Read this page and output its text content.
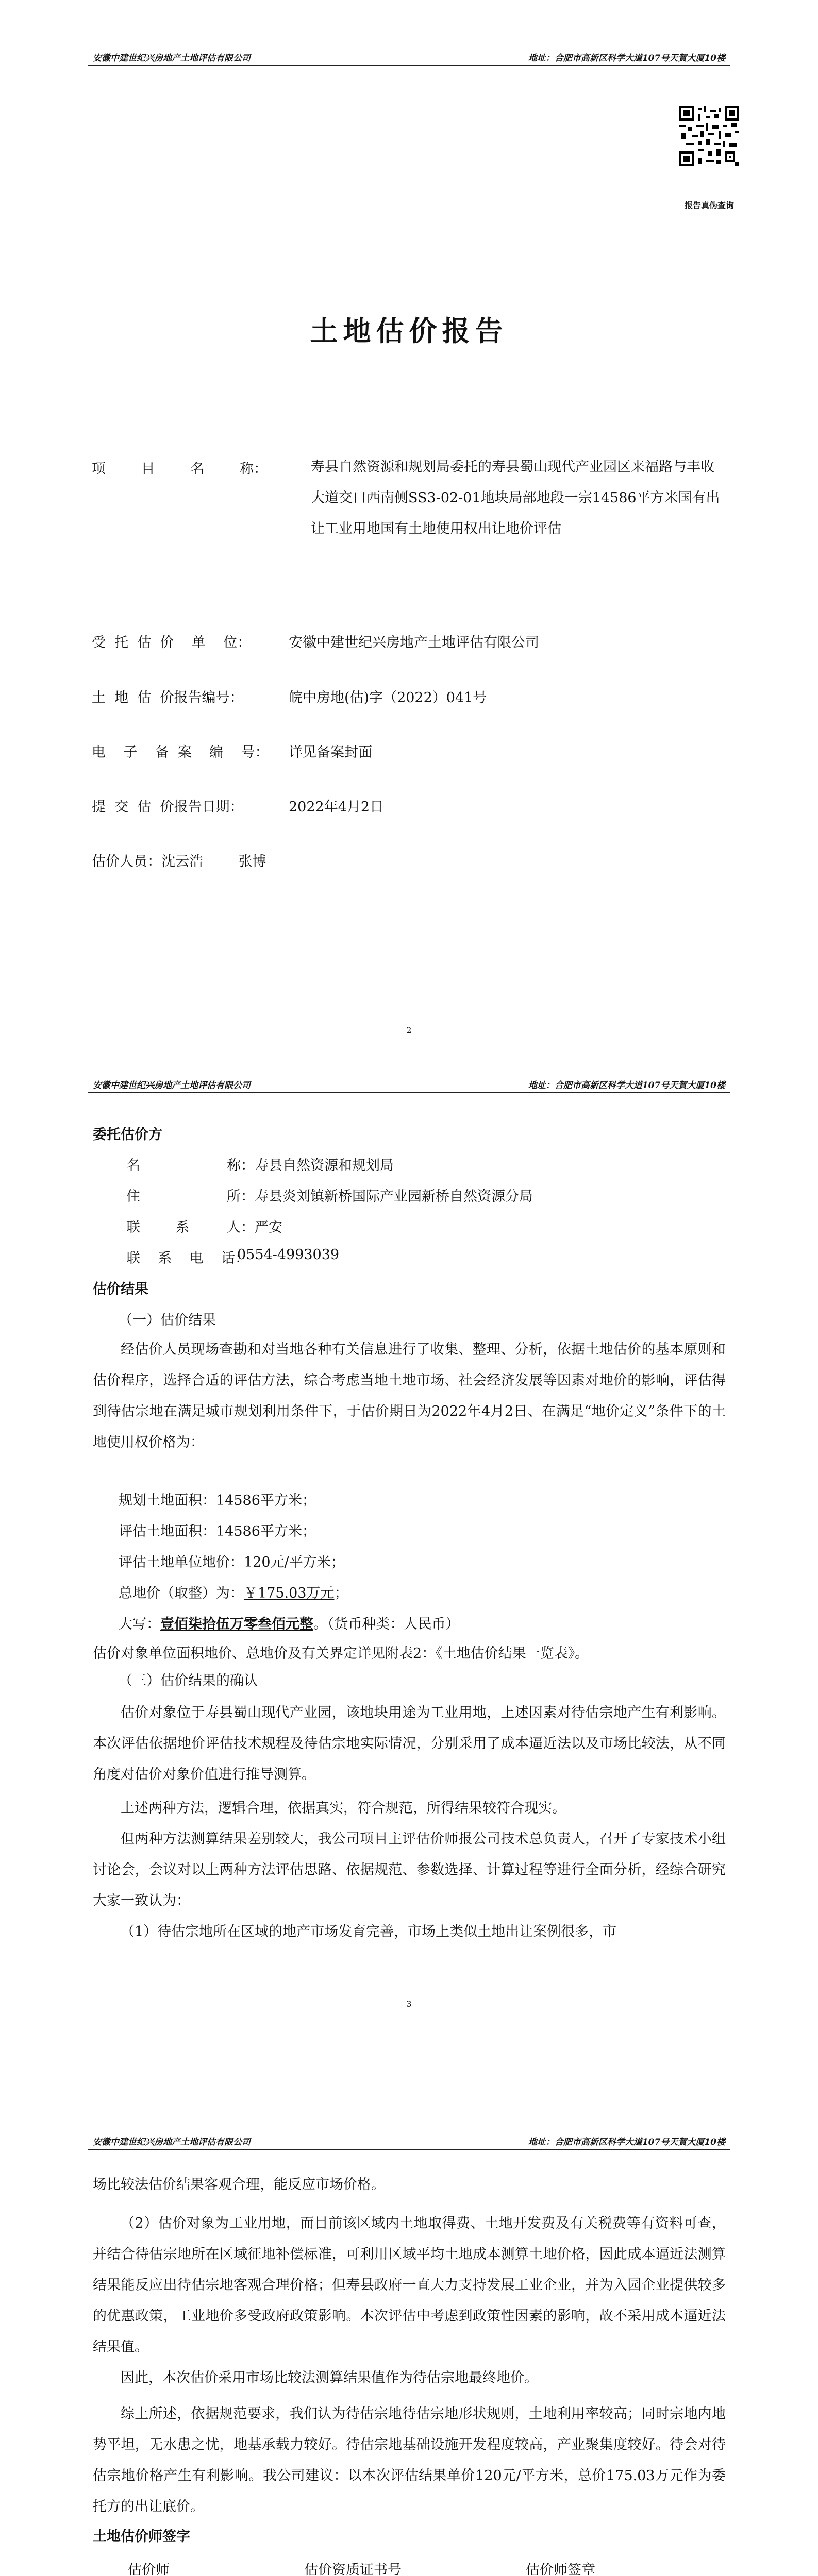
安徽中建世纪兴房地产土地评估有限公司	地址：合肥市高新区科学大道107号天賀大厦10楼
报告真伪查询
土地估价报告
项        目        名        称：	寿县自然资源和规划局委托的寿县蜀山现代产业园区来福路与丰收大道交口西南侧SS3-02-01地块局部地段一宗14586平方米国有出让工业用地国有土地使用权出让地价评估
受  托  估  价    单    位：	安徽中建世纪兴房地产土地评估有限公司
土  地  估  价报告编号：	皖中房地(估)字（2022）041号
电    子    备  案    编    号： 详见备案封面
提  交  估  价报告日期：	2022年4月2日
估价人员：沈云浩        张博
2
安徽中建世纪兴房地产土地评估有限公司	地址：合肥市高新区科学大道107号天賀大厦10楼
委托估价方
名	称：寿县自然资源和规划局
住	所：寿县炎刘镇新桥国际产业园新桥自然资源分局
联        系	人：严安
联    系    电    话：
0554-4993039
估价结果
（一）估价结果
经估价人员现场查勘和对当地各种有关信息进行了收集、整理、分析，依据土地估价的基本原则和估价程序，选择合适的评估方法，综合考虑当地土地市场、社会经济发展等因素对地价的影响，评估得到待估宗地在满足城市规划利用条件下，于估价期日为2022年4月2日、在满足“地价定义”条件下的土地使用权价格为：
规划土地面积：14586平方米；
评估土地面积：14586平方米；
评估土地单位地价：120元/平方米；
总地价（取整）为：￥175.03万元；
大写：壹佰柒拾伍万零叁佰元整。（货币种类：人民币）
估价对象单位面积地价、总地价及有关界定详见附表2：《土地估价结果一览表》。
（三）估价结果的确认
估价对象位于寿县蜀山现代产业园，该地块用途为工业用地，上述因素对待估宗地产生有利影响。本次评估依据地价评估技术规程及待估宗地实际情况，分别采用了成本逼近法以及市场比较法，从不同角度对估价对象价值进行推导测算。
上述两种方法，逻辑合理，依据真实，符合规范，所得结果较符合现实。
但两种方法测算结果差别较大，我公司项目主评估价师报公司技术总负责人，召开了专家技术小组讨论会，会议对以上两种方法评估思路、依据规范、参数选择、计算过程等进行全面分析，经综合研究大家一致认为：
（1）待估宗地所在区域的地产市场发育完善，市场上类似土地出让案例很多，市
3
安徽中建世纪兴房地产土地评估有限公司	地址：合肥市高新区科学大道107号天賀大厦10楼
场比较法估价结果客观合理，能反应市场价格。
（2）估价对象为工业用地，而目前该区域内土地取得费、土地开发费及有关税费等有资料可查，并结合待估宗地所在区域征地补偿标准，可利用区域平均土地成本测算土地价格，因此成本逼近法测算结果能反应出待估宗地客观合理价格；但寿县政府一直大力支持发展工业企业，并为入园企业提供较多的优惠政策，工业地价多受政府政策影响。本次评估中考虑到政策性因素的影响，故不采用成本逼近法结果值。
因此，本次估价采用市场比较法测算结果值作为待估宗地最终地价。
综上所述，依据规范要求，我们认为待估宗地待估宗地形状规则，土地利用率较高；同时宗地内地势平坦，无水患之忧，地基承载力较好。待估宗地基础设施开发程度较高，产业聚集度较好。待会对待估宗地价格产生有利影响。我公司建议：以本次评估结果单价120元/平方米，总价175.03万元作为委托方的出让底价。
土地估价师签字
估价师	估价资质证书号	估价师签章
